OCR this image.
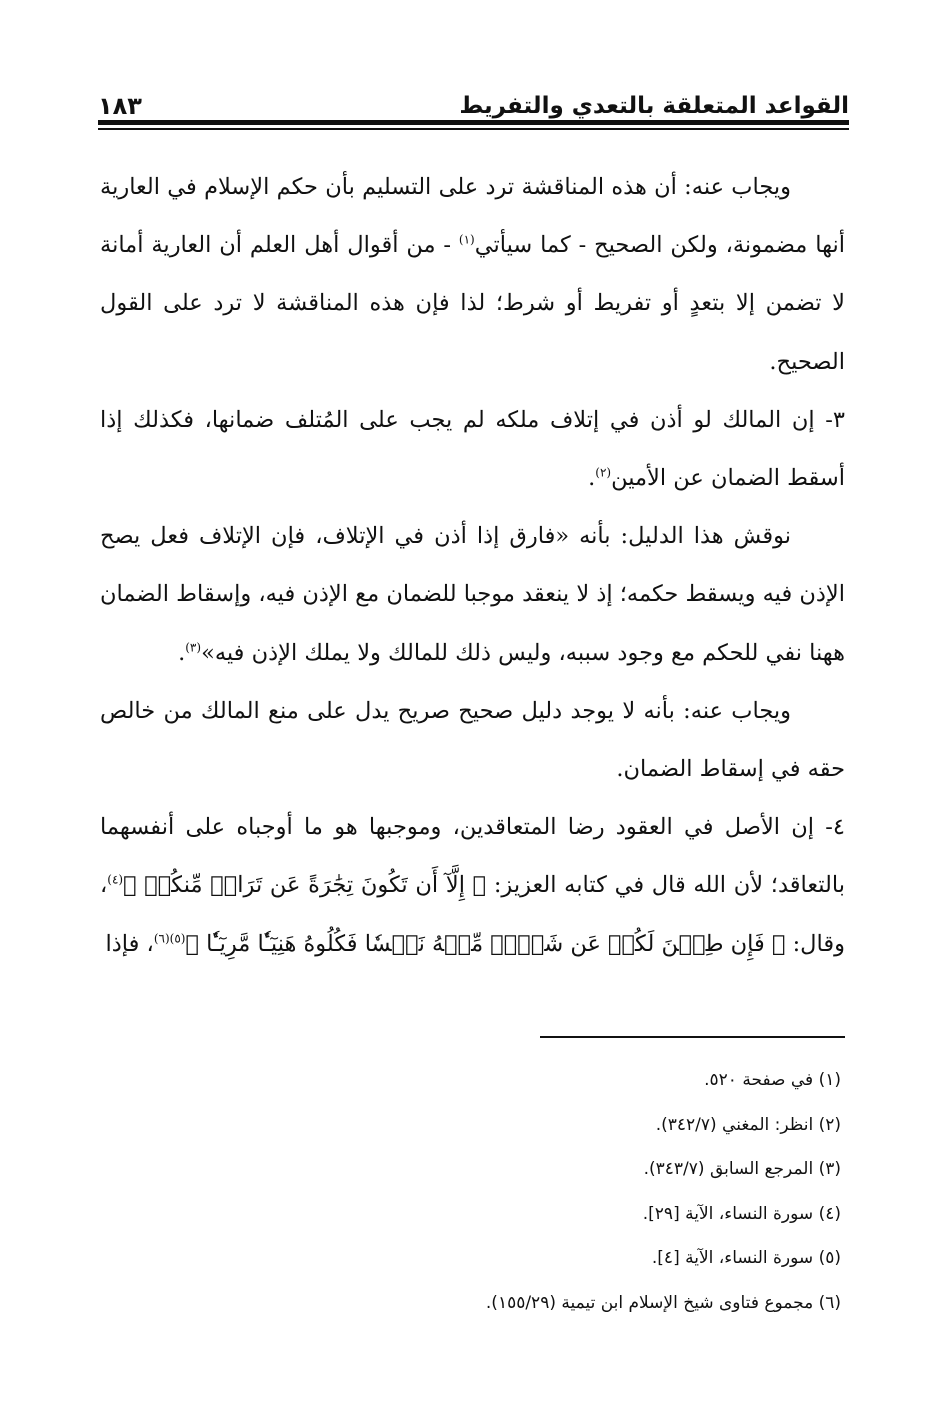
القواعد المتعلقة بالتعدي والتفريط
١٨٣

ويجاب عنه: أن هذه المناقشة ترد على التسليم بأن حكم الإسلام في العارية أنها مضمونة، ولكن الصحيح - كما سيأتي$^{(١)}$ - من أقوال أهل العلم أن العارية أمانة لا تضمن إلا بتعدٍ أو تفريط أو شرط؛ لذا فإن هذه المناقشة لا ترد على القول الصحيح.

٣- إن المالك لو أذن في إتلاف ملكه لم يجب على المُتلف ضمانها، فكذلك إذا أسقط الضمان عن الأمين$^{(٢)}$.

نوقش هذا الدليل: بأنه «فارق إذا أذن في الإتلاف، فإن الإتلاف فعل يصح الإذن فيه ويسقط حكمه؛ إذ لا ينعقد موجبا للضمان مع الإذن فيه، وإسقاط الضمان ههنا نفي للحكم مع وجود سببه، وليس ذلك للمالك ولا يملك الإذن فيه»$^{(٣)}$.

ويجاب عنه: بأنه لا يوجد دليل صحيح صريح يدل على منع المالك من خالص حقه في إسقاط الضمان.

٤- إن الأصل في العقود رضا المتعاقدين، وموجبها هو ما أوجباه على أنفسهما بالتعاقد؛ لأن الله قال في كتابه العزيز: ﴿ إِلَّآ أَن تَكُونَ تِجَٰرَةً عَن تَرَاضٖ مِّنكُمۡ ﴾$^{(٤)}$، وقال: ﴿ فَإِن طِبۡنَ لَكُمۡ عَن شَيۡءٖ مِّنۡهُ نَفۡسٗا فَكُلُوهُ هَنِيٓـٔٗا مَّرِيٓـٔٗا ﴾$^{(٥)(٦)}$، فإذا

(١) في صفحة ٥٢٠.

(٢) انظر: المغني (٣٤٢/٧).

(٣) المرجع السابق (٣٤٣/٧).

(٤) سورة النساء، الآية [٢٩].

(٥) سورة النساء، الآية [٤].

(٦) مجموع فتاوى شيخ الإسلام ابن تيمية (١٥٥/٢٩).
